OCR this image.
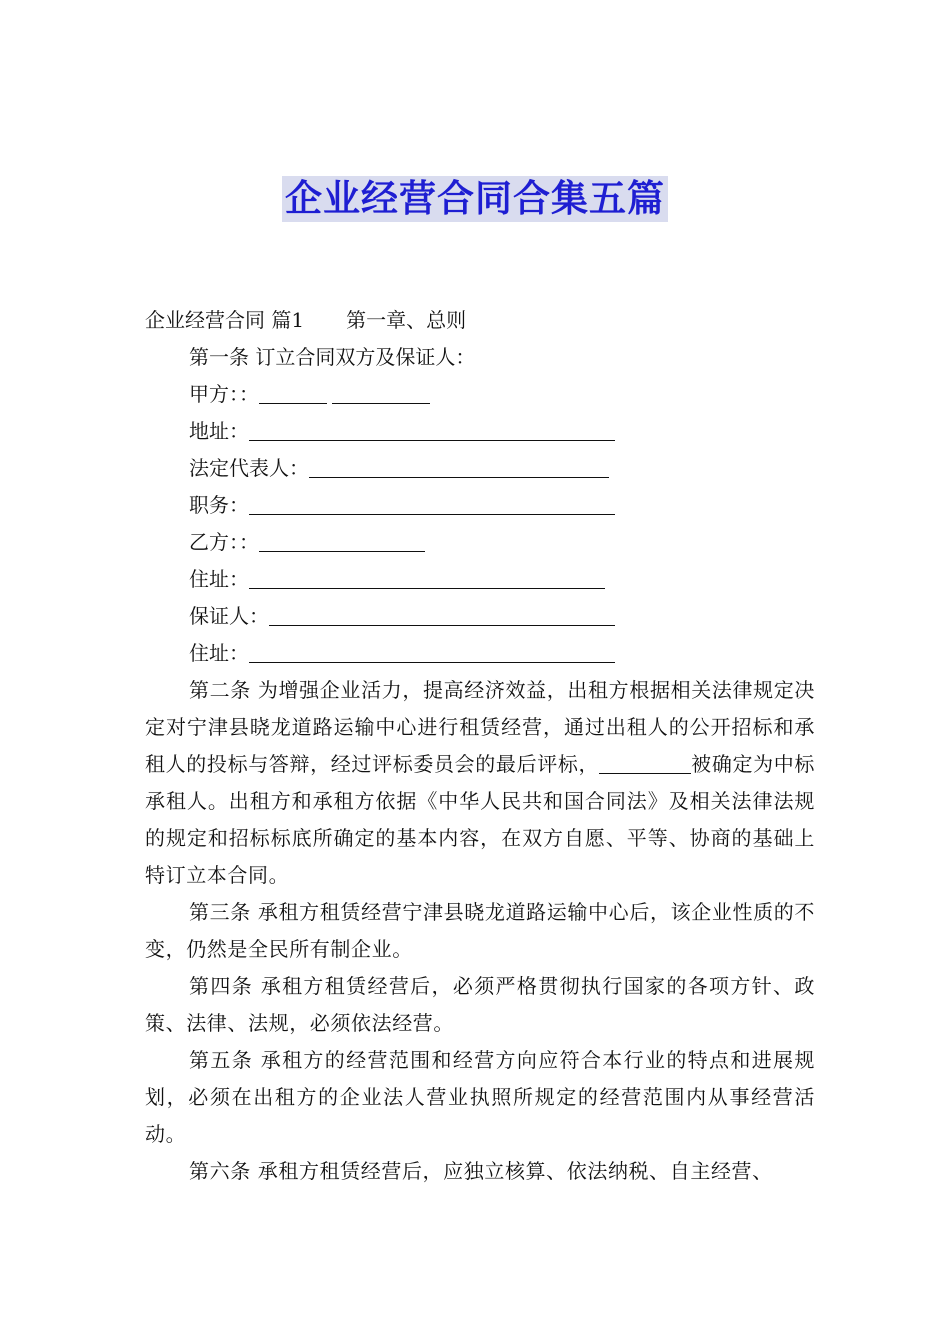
企业经营合同合集五篇
企业经营合同 篇1 第一章、总则
第一条 订立合同双方及保证人：
甲方：：
地址：
法定代表人：
职务：
乙方：：
住址：
保证人：
住址：
第二条 为增强企业活力，提高经济效益，出租方根据相关法律规定决定对宁津县晓龙道路运输中心进行租赁经营，通过出租人的公开招标和承租人的投标与答辩，经过评标委员会的最后评标，	被确定为中标承租人。出租方和承租方依据《中华人民共和国合同法》及相关法律法规的规定和招标标底所确定的基本内容，在双方自愿、平等、协商的基础上特订立本合同。
第三条 承租方租赁经营宁津县晓龙道路运输中心后，该企业性质的不变，仍然是全民所有制企业。
第四条 承租方租赁经营后，必须严格贯彻执行国家的各项方针、政策、法律、法规，必须依法经营。
第五条 承租方的经营范围和经营方向应符合本行业的特点和进展规划，必须在出租方的企业法人营业执照所规定的经营范围内从事经营活动。
第六条 承租方租赁经营后，应独立核算、依法纳税、自主经营、
